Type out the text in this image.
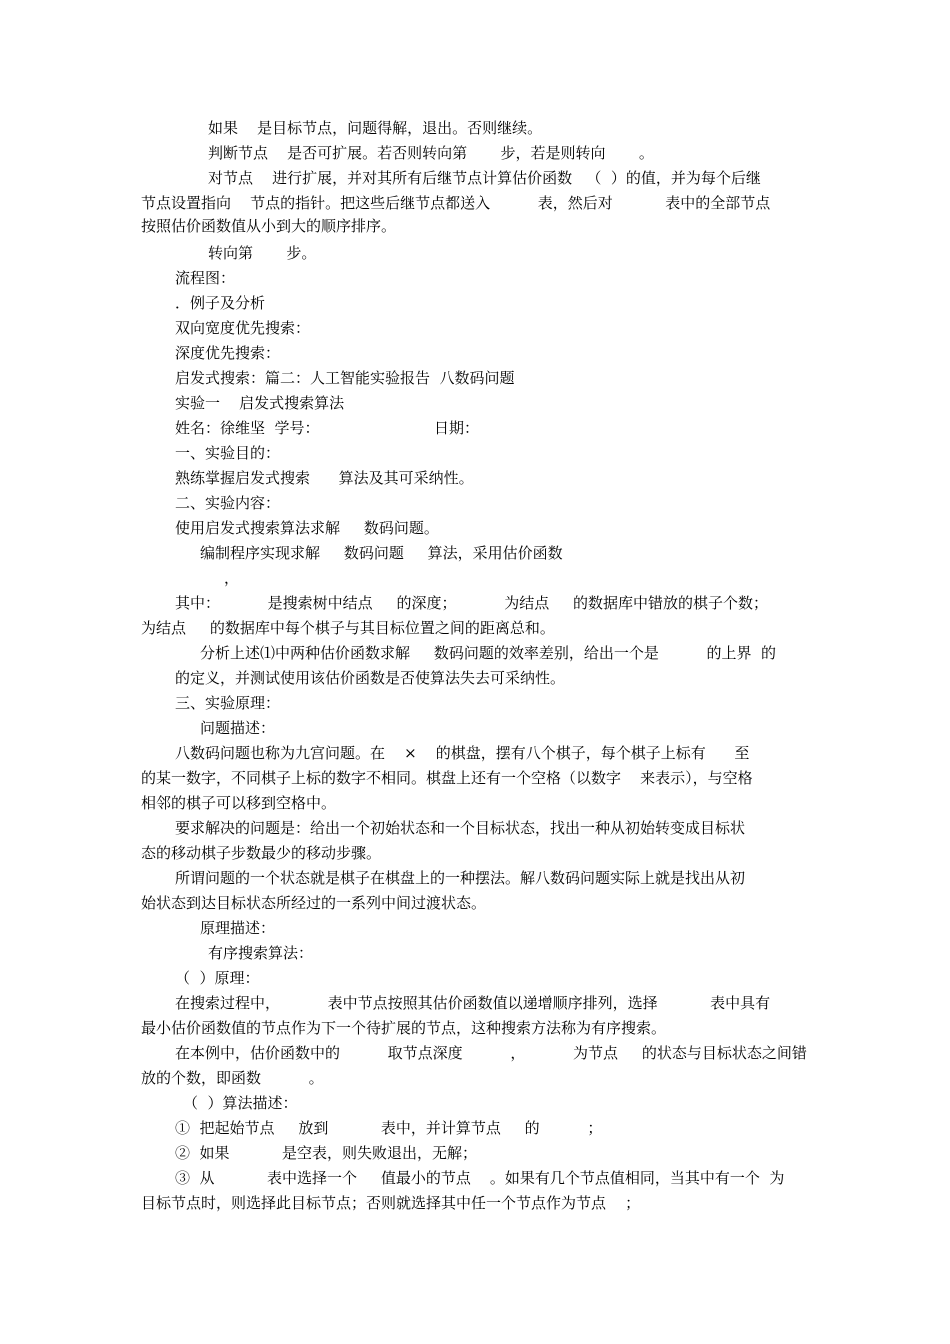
如果    是目标节点，问题得解，退出。否则继续。
判断节点    是否可扩展。若否则转向第       步，若是则转向       。
对节点    进行扩展，并对其所有后继节点计算估价函数   （  ）的值，并为每个后继
节点设置指向    节点的指针。把这些后继节点都送入          表，然后对           表中的全部节点
按照估价函数值从小到大的顺序排序。
转向第       步。
流程图：
．例子及分析
双向宽度优先搜索：
深度优先搜索：
启发式搜索：篇二：人工智能实验报告  八数码问题
实验一    启发式搜索算法
姓名：徐维坚  学号：                        日期：
一、实验目的：
熟练掌握启发式搜索      算法及其可采纳性。
二、实验内容：
使用启发式搜索算法求解     数码问题。
编制程序实现求解     数码问题     算法，采用估价函数
，
其中：          是搜索树中结点     的深度；          为结点     的数据库中错放的棋子个数；
为结点     的数据库中每个棋子与其目标位置之间的距离总和。
分析上述⑴中两种估价函数求解     数码问题的效率差别，给出一个是          的上界  的
的定义，并测试使用该估价函数是否使算法失去可采纳性。
三、实验原理：
问题描述：
八数码问题也称为九宫问题。在    ×    的棋盘，摆有八个棋子，每个棋子上标有      至
的某一数字，不同棋子上标的数字不相同。棋盘上还有一个空格（以数字    来表示），与空格
相邻的棋子可以移到空格中。
要求解决的问题是：给出一个初始状态和一个目标状态，找出一种从初始转变成目标状
态的移动棋子步数最少的移动步骤。
所谓问题的一个状态就是棋子在棋盘上的一种摆法。解八数码问题实际上就是找出从初
始状态到达目标状态所经过的一系列中间过渡状态。
原理描述：
有序搜索算法：
（  ）原理：
在搜索过程中，          表中节点按照其估价函数值以递增顺序排列，选择           表中具有
最小估价函数值的节点作为下一个待扩展的节点，这种搜索方法称为有序搜索。
在本例中，估价函数中的          取节点深度          ，          为节点     的状态与目标状态之间错
放的个数，即函数          。
（  ）算法描述：
①  把起始节点     放到           表中，并计算节点     的          ；
②  如果           是空表，则失败退出，无解；
③  从           表中选择一个     值最小的节点    。如果有几个节点值相同，当其中有一个  为
目标节点时，则选择此目标节点；否则就选择其中任一个节点作为节点    ；
